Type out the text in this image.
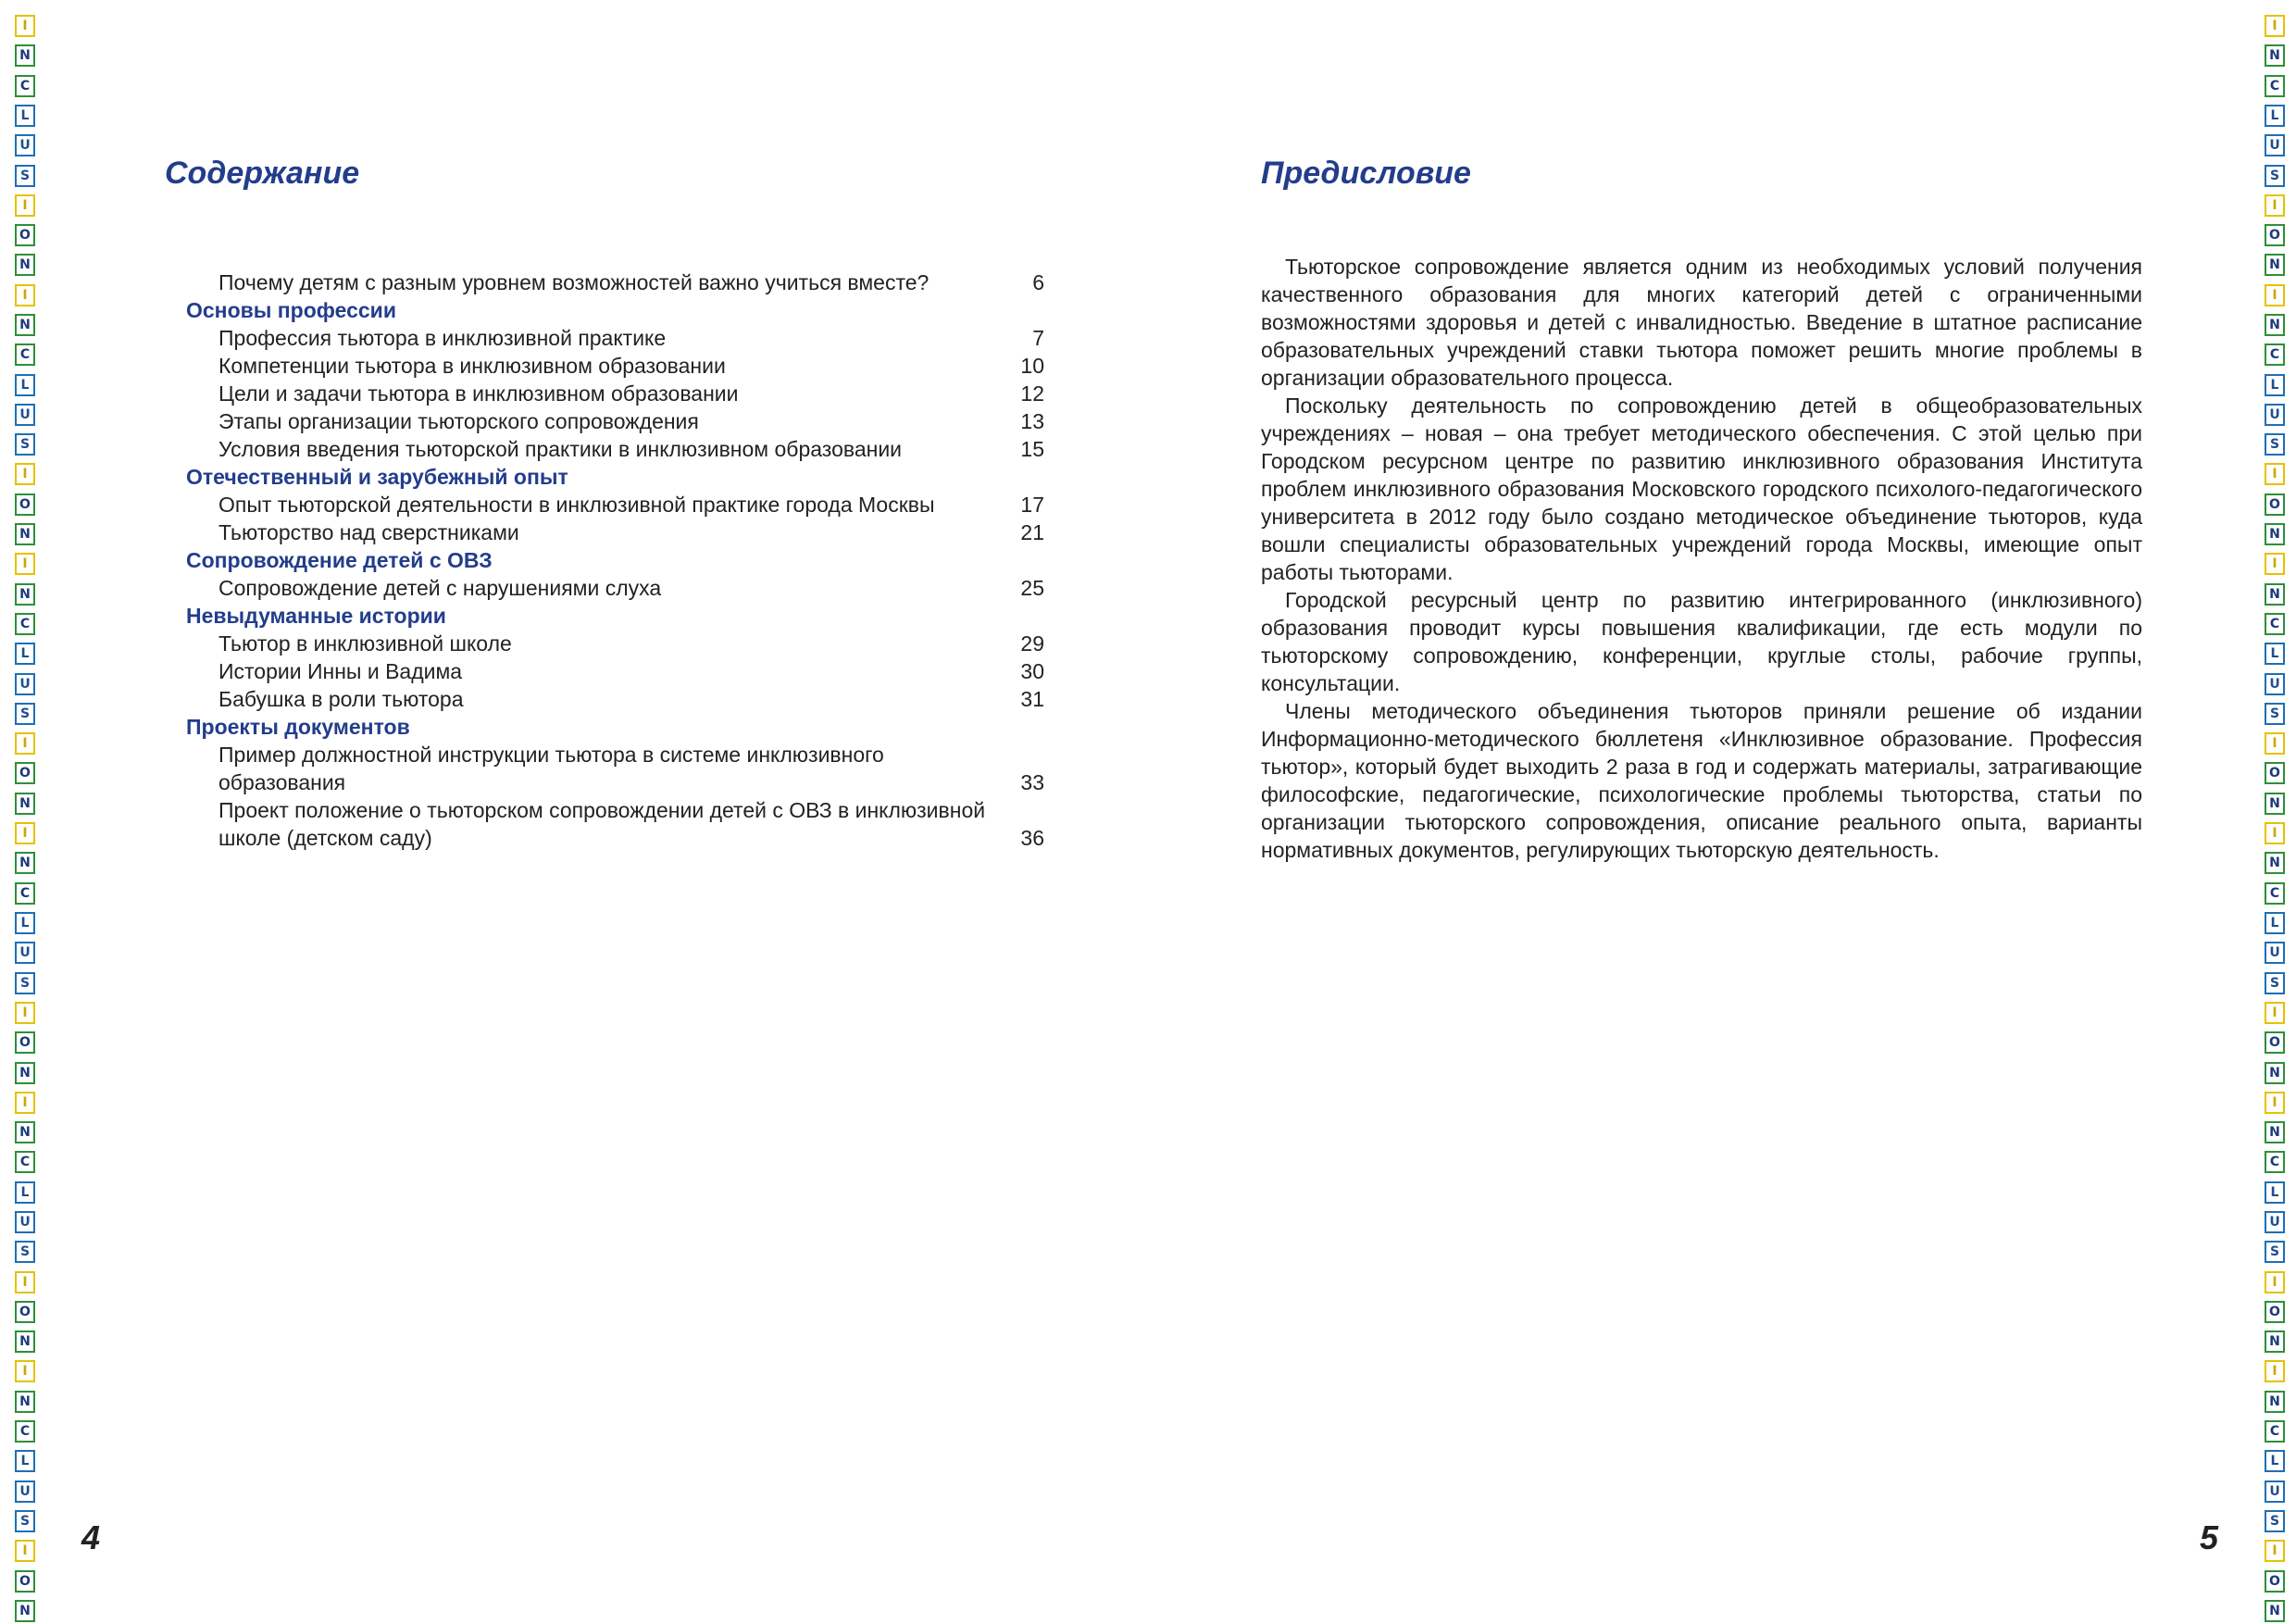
I
N
C
L
U
S
I
O
N
I
N
C
L
U
S
I
O
N
I
N
C
L
U
S
I
O
N
I
N
C
L
U
S
I
O
N
I
N
C
L
U
S
I
O
N
I
N
C
L
U
S
I
O
N
I
N
C
L
U
S
I
O
N
I
N
C
L
U
S
I
O
N
I
N
C
L
U
S
I
O
N
I
N
C
L
U
S
I
O
N
I
N
C
L
U
S
I
O
N
I
N
C
L
U
S
I
O
N
Содержание
Почему детям с разным уровнем возможностей важно учиться вместе?	6
Основы профессии
Профессия тьютора в инклюзивной практике	7
Компетенции тьютора в инклюзивном образовании	10
Цели и задачи тьютора в инклюзивном образовании	12
Этапы организации тьюторского сопровождения	13
Условия введения тьюторской практики в инклюзивном образовании	15
Отечественный и зарубежный опыт
Опыт тьюторской деятельности в инклюзивной практике города Москвы	17
Тьюторство над сверстниками	21
Сопровождение детей с ОВЗ
Сопровождение детей с нарушениями слуха	25
Невыдуманные истории
Тьютор в инклюзивной школе	29
Истории Инны и Вадима	30
Бабушка в роли тьютора	31
Проекты документов
Пример должностной инструкции тьютора в системе инклюзивного образования	33
Проект положение о тьюторском сопровождении детей с ОВЗ в инклюзивной школе (детском саду)	36
Предисловие

Тьюторское сопровождение является одним из необходимых условий получения качественного образования для многих категорий детей с ограниченными возможностями здоровья и детей с инвалидностью. Введение в штатное расписание образовательных учреждений ставки тьютора поможет решить многие проблемы в организации образовательного процесса.

Поскольку деятельность по сопровождению детей в общеобразовательных учреждениях – новая – она требует методического обеспечения. С этой целью при Городском ресурсном центре по развитию инклюзивного образования Института проблем инклюзивного образования Московского городского психолого-педагогического университета в 2012 году было создано методическое объединение тьюторов, куда вошли специалисты образовательных учреждений города Москвы, имеющие опыт работы тьюторами.

Городской ресурсный центр по развитию интегрированного (инклюзивного) образования проводит курсы повышения квалификации, где есть модули по тьюторскому сопровождению, конференции, круглые столы, рабочие группы, консультации.

Члены методического объединения тьюторов приняли решение об издании Информационно-методического бюллетеня «Инклюзивное образование. Профессия тьютор», который будет выходить 2 раза в год и содержать материалы, затрагивающие философские, педагогические, психологические проблемы тьюторства, статьи по организации тьюторского сопровождения, описание реального опыта, варианты нормативных документов, регулирующих тьюторскую деятельность.

4	5
